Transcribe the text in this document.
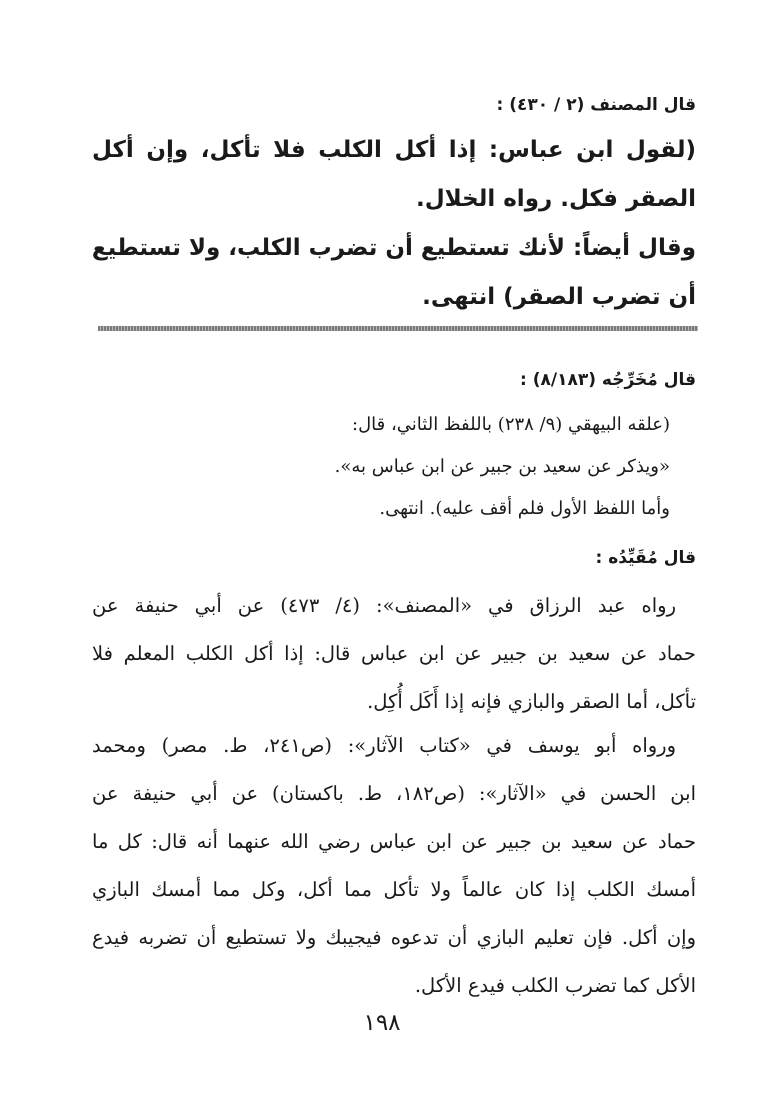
قال المصنف (٢ / ٤٣٠) :
(لقول ابن عباس: إذا أكل الكلب فلا تأكل، وإن أكل
الصقر فكل. رواه الخلال.
وقال أيضاً: لأنك تستطيع أن تضرب الكلب، ولا تستطيع
أن تضرب الصقر) انتهى.
قال مُخَرِّجُه (٨/١٨٣) :
(علقه البيهقي (٩/ ٢٣٨) باللفظ الثاني، قال:
«ويذكر عن سعيد بن جبير عن ابن عباس به».
وأما اللفظ الأول فلم أقف عليه). انتهى.
قال مُقَيِّدُه :
رواه عبد الرزاق في «المصنف»: (٤/ ٤٧٣) عن أبي حنيفة عن
حماد عن سعيد بن جبير عن ابن عباس قال: إذا أكل الكلب المعلم فلا
تأكل، أما الصقر والبازي فإنه إذا أَكَل أُكِل.
ورواه أبو يوسف في «كتاب الآثار»: (ص٢٤١، ط. مصر) ومحمد
ابن الحسن في «الآثار»: (ص١٨٢، ط. باكستان) عن أبي حنيفة عن
حماد عن سعيد بن جبير عن ابن عباس رضي الله عنهما أنه قال: كل ما
أمسك الكلب إذا كان عالماً ولا تأكل مما أكل، وكل مما أمسك البازي
وإن أكل. فإن تعليم البازي أن تدعوه فيجيبك ولا تستطيع أن تضربه فيدع
الأكل كما تضرب الكلب فيدع الأكل.
١٩٨
